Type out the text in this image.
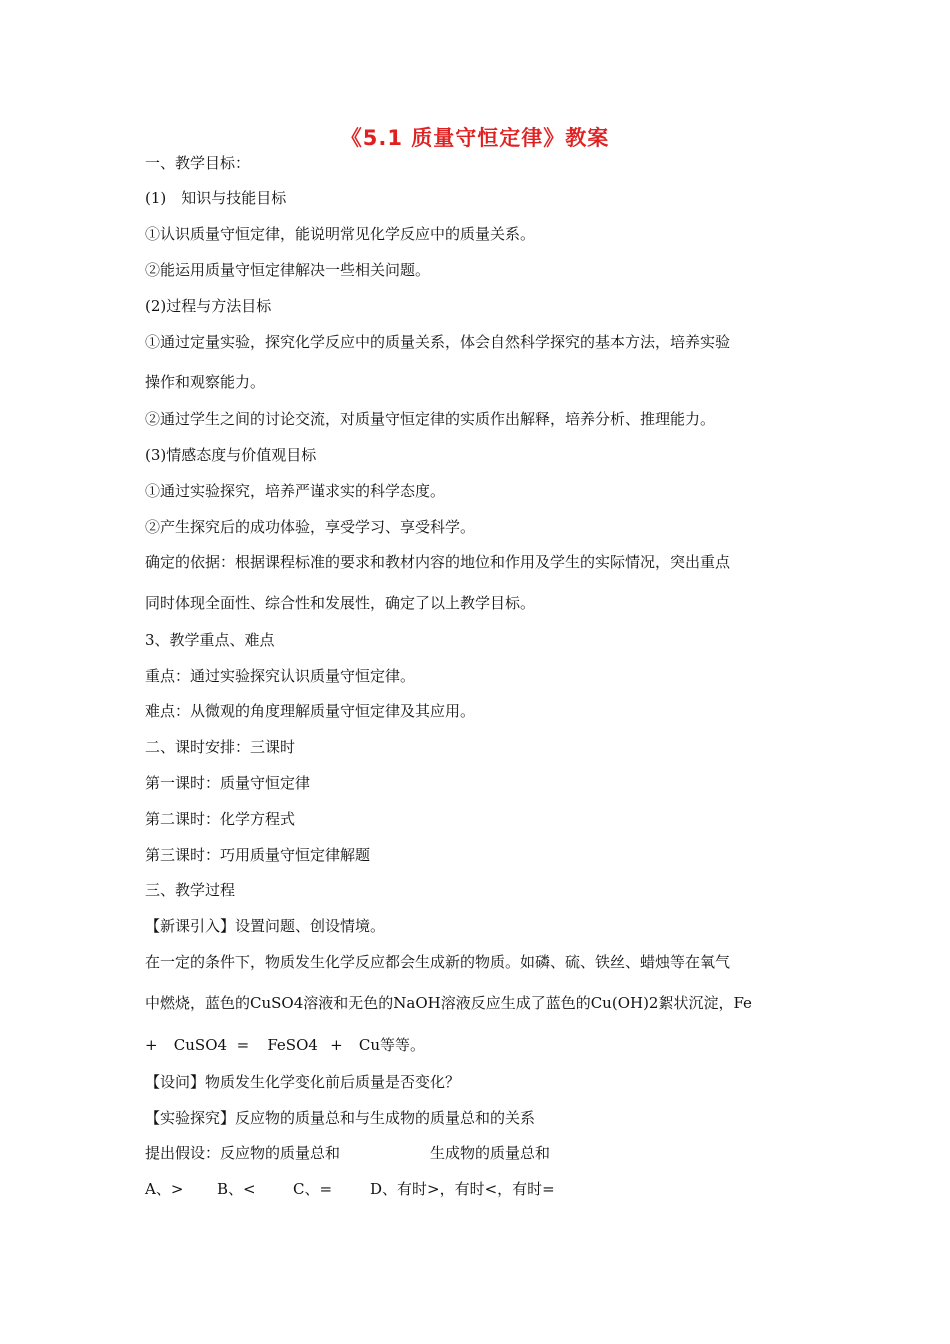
《5.1 质量守恒定律》教案
一、教学目标：
(1)　知识与技能目标
①认识质量守恒定律，能说明常见化学反应中的质量关系。
②能运用质量守恒定律解决一些相关问题。
(2)过程与方法目标
①通过定量实验，探究化学反应中的质量关系，体会自然科学探究的基本方法，培养实验
操作和观察能力。
②通过学生之间的讨论交流，对质量守恒定律的实质作出解释，培养分析、推理能力。
(3)情感态度与价值观目标
①通过实验探究，培养严谨求实的科学态度。
②产生探究后的成功体验，享受学习、享受科学。
确定的依据：根据课程标准的要求和教材内容的地位和作用及学生的实际情况，突出重点
同时体现全面性、综合性和发展性，确定了以上教学目标。
3、教学重点、难点
重点：通过实验探究认识质量守恒定律。
难点：从微观的角度理解质量守恒定律及其应用。
二、课时安排：三课时
第一课时：质量守恒定律
第二课时：化学方程式
第三课时：巧用质量守恒定律解题
三、教学过程
【新课引入】设置问题、创设情境。
在一定的条件下，物质发生化学反应都会生成新的物质。如磷、硫、铁丝、蜡烛等在氧气
中燃烧，蓝色的CuSO4溶液和无色的NaOH溶液反应生成了蓝色的Cu(OH)2絮状沉淀，Fe
+ CuSO4 = FeSO4 + Cu等等。
【设问】物质发生化学变化前后质量是否变化？
【实验探究】反应物的质量总和与生成物的质量总和的关系
提出假设：反应物的质量总和	生成物的质量总和
A、> B、< C、=	D、有时>，有时<，有时=
